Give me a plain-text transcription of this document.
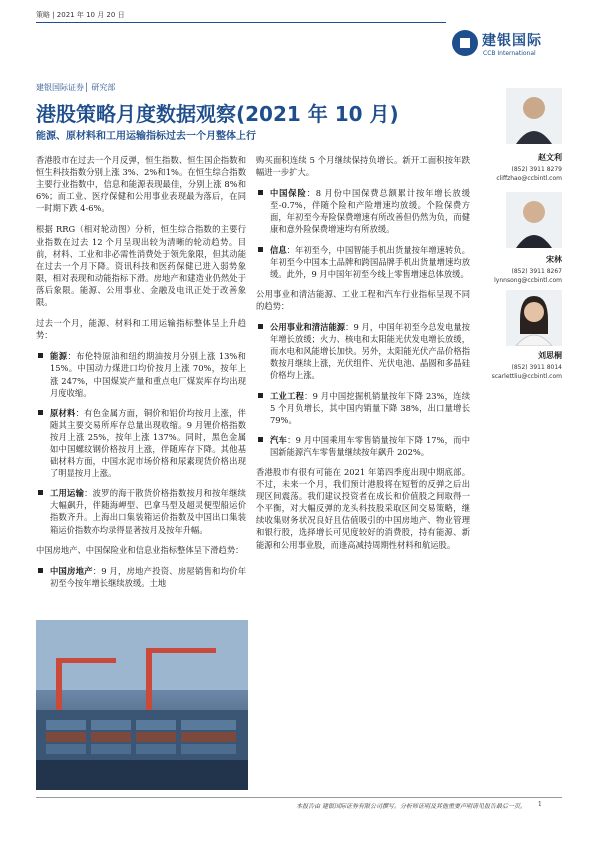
策略 | 2021 年 10 月 20 日
建银国际
CCB International
建银国际证券│ 研究部
港股策略月度数据观察(2021 年 10 月)
能源、原材料和工用运输指标过去一个月整体上行

香港股市在过去一个月反弹，恒生指数、恒生国企指数和恒生科技指数分别上涨 3%、2%和1%。在恒生综合指数主要行业指数中，信息和能源表现最佳，分别上涨 8%和 6%；而工业、医疗保健和公用事业表现最为落后，在同一时期下跌 4-6%。

根据 RRG（相对轮动图）分析，恒生综合指数的主要行业指数在过去 12 个月呈现出较为清晰的轮动趋势。目前，材料、工业和非必需性消费处于领先象限，但其动能在过去一个月下降。资讯科技和医药保健已进入弱势象限，相对表现和动能指标下滑。房地产和建造业仍然处于落后象限。能源、公用事业、金融及电讯正处于改善象限。

过去一个月，能源、材料和工用运输指标整体呈上升趋势：

能源：布伦特原油和纽约期油按月分别上涨 13%和 15%。中国动力煤进口均价按月上涨 70%，按年上涨 247%，中国煤炭产量和重点电厂煤炭库存均出现月度收缩。
原材料：有色金属方面，铜价和铝价均按月上涨，伴随其主要交易所库存总量出现收缩。9 月锂价格指数按月上涨 25%，按年上涨 137%。同时，黑色金属如中国螺纹钢价格按月上涨，伴随库存下降。其他基础材料方面，中国水泥市场价格和尿素现货价格出现了明显按月上涨。
工用运输：波罗的海干散货价格指数按月和按年继续大幅飙升，伴随海岬型、巴拿马型及超灵便型船运价指数齐升。上海出口集装箱运价指数及中国出口集装箱运价指数亦均录得显著按月及按年升幅。

中国房地产、中国保险业和信息业指标整体呈下滑趋势：

中国房地产：9 月，房地产投资、房屋销售和均价年初至今按年增长继续放缓。土地

购买面积连续 5 个月继续保持负增长。新开工面积按年跌幅进一步扩大。

中国保险：8 月份中国保费总额累计按年增长放缓至-0.7%，伴随个险和产险增速均放缓。个险保费方面，年初至今寿险保费增速有所改善但仍然为负，而健康和意外险保费增速均有所放缓。
信息：年初至今，中国智能手机出货量按年增速转负。年初至今中国本土品牌和跨国品牌手机出货量增速均放缓。此外，9 月中国年初至今线上零售增速总体放缓。

公用事业和清洁能源、工业工程和汽车行业指标呈现不同的趋势：

公用事业和清洁能源：9 月，中国年初至今总发电量按年增长放缓；火力、核电和太阳能光伏发电增长放缓，而水电和风能增长加快。另外，太阳能光伏产品价格指数按月继续上涨，光伏组件、光伏电池、晶圆和多晶硅价格均上涨。
工业工程：9 月中国挖掘机销量按年下降 23%，连续 5 个月负增长，其中国内销量下降 38%，出口量增长 79%。
汽车：9 月中国乘用车零售销量按年下降 17%，而中国新能源汽车零售量继续按年飙升 202%。

香港股市有很有可能在 2021 年第四季度出现中期底部。不过，未来一个月，我们预计港股将在短暂的反弹之后出现区间震荡。我们建议投资者在成长和价值股之间取得一个平衡，对大幅反弹的龙头科技股采取区间交易策略，继续收集财务状况良好且估值吸引的中国房地产、物业管理和银行股，选择增长可见度较好的消费股，持有能源、新能源和公用事业股，而逢高减持周期性材料和航运股。

赵文利
(852) 3911 8279
cliffzhao@ccbintl.com
宋林
(852) 3911 8267
lynnsong@ccbintl.com
刘思桐
(852) 3911 8014
scarlettliu@ccbintl.com
本报告由 建银国际证券有限公司撰写。分析师证明及其他重要声明请见报告最后一页。 1
